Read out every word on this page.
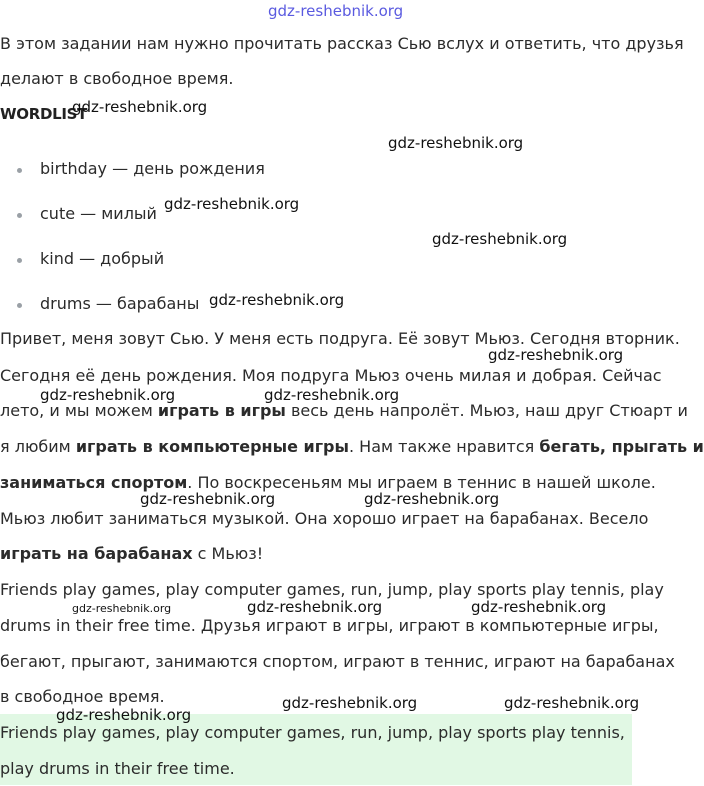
gdz-reshebnik.org
В этом задании нам нужно прочитать рассказ Сью вслух и ответить, что друзья
делают в свободное время.
WORDLIST
birthday — день рождения
cute — милый
kind — добрый
drums — барабаны
Привет, меня зовут Сью. У меня есть подруга. Её зовут Мьюз. Сегодня вторник.
Сегодня её день рождения. Моя подруга Мьюз очень милая и добрая. Сейчас
лето, и мы можем играть в игры весь день напролёт. Мьюз, наш друг Стюарт и
я любим играть в компьютерные игры. Нам также нравится бегать, прыгать и
заниматься спортом. По воскресеньям мы играем в теннис в нашей школе.
Мьюз любит заниматься музыкой. Она хорошо играет на барабанах. Весело
играть на барабанах с Мьюз!
Friends play games, play computer games, run, jump, play sports play tennis, play
drums in their free time. Друзья играют в игры, играют в компьютерные игры,
бегают, прыгают, занимаются спортом, играют в теннис, играют на барабанах
в свободное время.
Friends play games, play computer games, run, jump, play sports play tennis,
play drums in their free time.
gdz-reshebnik.org
gdz-reshebnik.org
gdz-reshebnik.org
gdz-reshebnik.org
gdz-reshebnik.org
gdz-reshebnik.org
gdz-reshebnik.org	gdz-reshebnik.org
gdz-reshebnik.org	gdz-reshebnik.org
gdz-reshebnik.org	gdz-reshebnik.org	gdz-reshebnik.org
gdz-reshebnik.org	gdz-reshebnik.org
gdz-reshebnik.org
